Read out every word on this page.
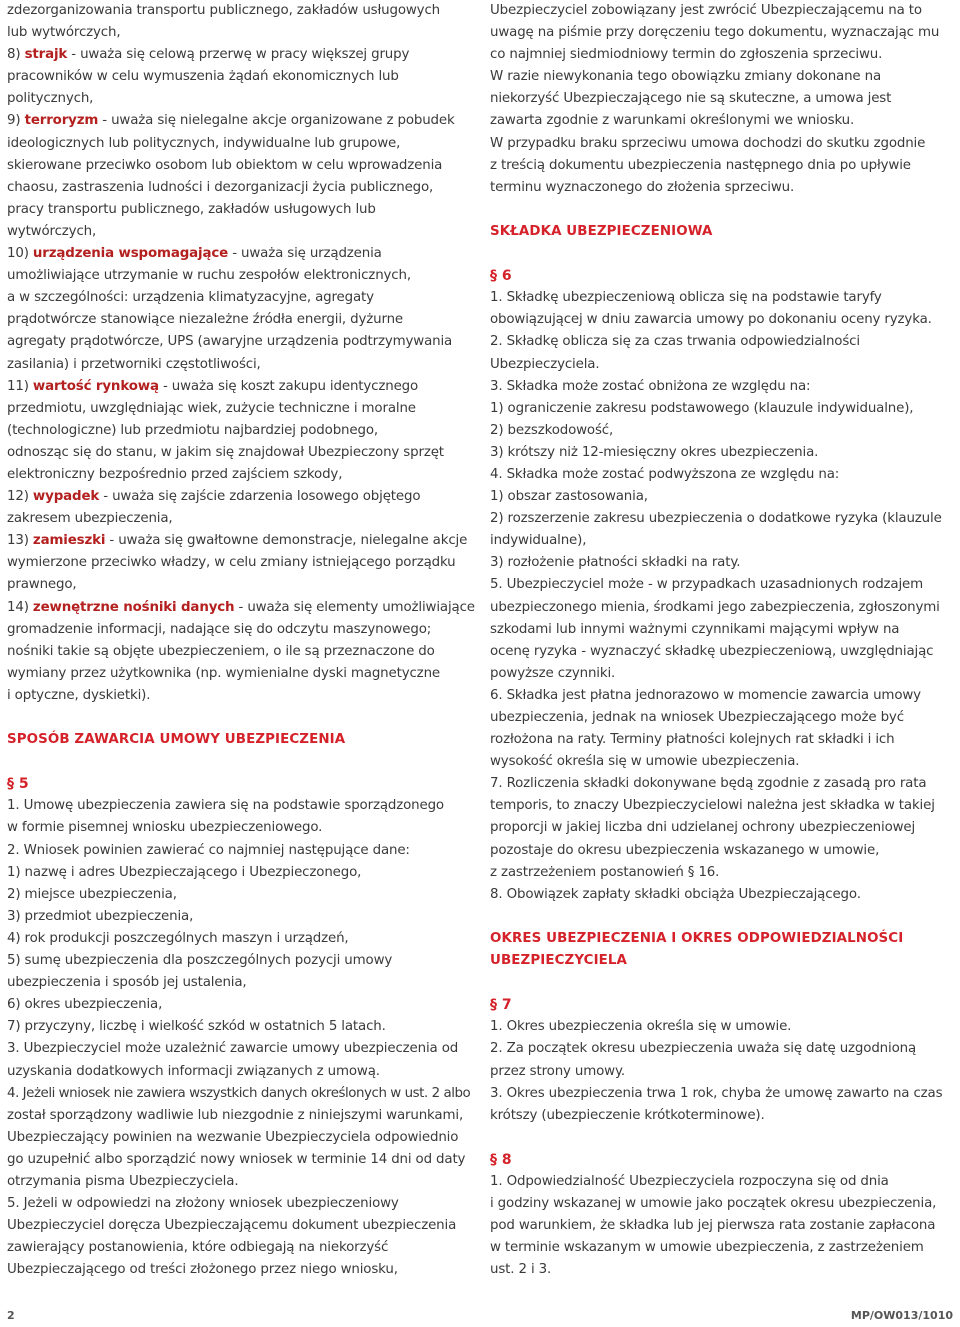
zdezorganizowania transportu publicznego, zakładów usługowych
lub wytwórczych,
8) strajk - uważa się celową przerwę w pracy większej grupy
pracowników w celu wymuszenia żądań ekonomicznych lub
politycznych,
9) terroryzm - uważa się nielegalne akcje organizowane z pobudek
ideologicznych lub politycznych, indywidualne lub grupowe,
skierowane przeciwko osobom lub obiektom w celu wprowadzenia
chaosu, zastraszenia ludności i dezorganizacji życia publicznego,
pracy transportu publicznego, zakładów usługowych lub
wytwórczych,
10) urządzenia wspomagające - uważa się urządzenia
umożliwiające utrzymanie w ruchu zespołów elektronicznych,
a w szczególności: urządzenia klimatyzacyjne, agregaty
prądotwórcze stanowiące niezależne źródła energii, dyżurne
agregaty prądotwórcze, UPS (awaryjne urządzenia podtrzymywania
zasilania) i przetworniki częstotliwości,
11) wartość rynkową - uważa się koszt zakupu identycznego
przedmiotu, uwzględniając wiek, zużycie techniczne i moralne
(technologiczne) lub przedmiotu najbardziej podobnego,
odnosząc się do stanu, w jakim się znajdował Ubezpieczony sprzęt
elektroniczny bezpośrednio przed zajściem szkody,
12) wypadek - uważa się zajście zdarzenia losowego objętego
zakresem ubezpieczenia,
13) zamieszki - uważa się gwałtowne demonstracje, nielegalne akcje
wymierzone przeciwko władzy, w celu zmiany istniejącego porządku
prawnego,
14) zewnętrzne nośniki danych - uważa się elementy umożliwiające
gromadzenie informacji, nadające się do odczytu maszynowego;
nośniki takie są objęte ubezpieczeniem, o ile są przeznaczone do
wymiany przez użytkownika (np. wymienialne dyski magnetyczne
i optyczne, dyskietki).
SPOSÓB ZAWARCIA UMOWY UBEZPIECZENIA
§ 5
1. Umowę ubezpieczenia zawiera się na podstawie sporządzonego
w formie pisemnej wniosku ubezpieczeniowego.
2. Wniosek powinien zawierać co najmniej następujące dane:
1) nazwę i adres Ubezpieczającego i Ubezpieczonego,
2) miejsce ubezpieczenia,
3) przedmiot ubezpieczenia,
4) rok produkcji poszczególnych maszyn i urządzeń,
5) sumę ubezpieczenia dla poszczególnych pozycji umowy
ubezpieczenia i sposób jej ustalenia,
6) okres ubezpieczenia,
7) przyczyny, liczbę i wielkość szkód w ostatnich 5 latach.
3. Ubezpieczyciel może uzależnić zawarcie umowy ubezpieczenia od
uzyskania dodatkowych informacji związanych z umową.
4. Jeżeli wniosek nie zawiera wszystkich danych określonych w ust. 2 albo
został sporządzony wadliwie lub niezgodnie z niniejszymi warunkami,
Ubezpieczający powinien na wezwanie Ubezpieczyciela odpowiednio
go uzupełnić albo sporządzić nowy wniosek w terminie 14 dni od daty
otrzymania pisma Ubezpieczyciela.
5. Jeżeli w odpowiedzi na złożony wniosek ubezpieczeniowy
Ubezpieczyciel doręcza Ubezpieczającemu dokument ubezpieczenia
zawierający postanowienia, które odbiegają na niekorzyść
Ubezpieczającego od treści złożonego przez niego wniosku,
Ubezpieczyciel zobowiązany jest zwrócić Ubezpieczającemu na to
uwagę na piśmie przy doręczeniu tego dokumentu, wyznaczając mu
co najmniej siedmiodniowy termin do zgłoszenia sprzeciwu.
W razie niewykonania tego obowiązku zmiany dokonane na
niekorzyść Ubezpieczającego nie są skuteczne, a umowa jest
zawarta zgodnie z warunkami określonymi we wniosku.
W przypadku braku sprzeciwu umowa dochodzi do skutku zgodnie
z treścią dokumentu ubezpieczenia następnego dnia po upływie
terminu wyznaczonego do złożenia sprzeciwu.
SKŁADKA UBEZPIECZENIOWA
§ 6
1. Składkę ubezpieczeniową oblicza się na podstawie taryfy
obowiązującej w dniu zawarcia umowy po dokonaniu oceny ryzyka.
2. Składkę oblicza się za czas trwania odpowiedzialności
Ubezpieczyciela.
3. Składka może zostać obniżona ze względu na:
1) ograniczenie zakresu podstawowego (klauzule indywidualne),
2) bezszkodowość,
3) krótszy niż 12-miesięczny okres ubezpieczenia.
4. Składka może zostać podwyższona ze względu na:
1) obszar zastosowania,
2) rozszerzenie zakresu ubezpieczenia o dodatkowe ryzyka (klauzule
indywidualne),
3) rozłożenie płatności składki na raty.
5. Ubezpieczyciel może - w przypadkach uzasadnionych rodzajem
ubezpieczonego mienia, środkami jego zabezpieczenia, zgłoszonymi
szkodami lub innymi ważnymi czynnikami mającymi wpływ na
ocenę ryzyka - wyznaczyć składkę ubezpieczeniową, uwzględniając
powyższe czynniki.
6. Składka jest płatna jednorazowo w momencie zawarcia umowy
ubezpieczenia, jednak na wniosek Ubezpieczającego może być
rozłożona na raty. Terminy płatności kolejnych rat składki i ich
wysokość określa się w umowie ubezpieczenia.
7. Rozliczenia składki dokonywane będą zgodnie z zasadą pro rata
temporis, to znaczy Ubezpieczycielowi należna jest składka w takiej
proporcji w jakiej liczba dni udzielanej ochrony ubezpieczeniowej
pozostaje do okresu ubezpieczenia wskazanego w umowie,
z zastrzeżeniem postanowień § 16.
8. Obowiązek zapłaty składki obciąża Ubezpieczającego.
OKRES UBEZPIECZENIA I OKRES ODPOWIEDZIALNOŚCI
UBEZPIECZYCIELA
§ 7
1. Okres ubezpieczenia określa się w umowie.
2. Za początek okresu ubezpieczenia uważa się datę uzgodnioną
przez strony umowy.
3. Okres ubezpieczenia trwa 1 rok, chyba że umowę zawarto na czas
krótszy (ubezpieczenie krótkoterminowe).
§ 8
1. Odpowiedzialność Ubezpieczyciela rozpoczyna się od dnia
i godziny wskazanej w umowie jako początek okresu ubezpieczenia,
pod warunkiem, że składka lub jej pierwsza rata zostanie zapłacona
w terminie wskazanym w umowie ubezpieczenia, z zastrzeżeniem
ust. 2 i 3.
2	MP/OW013/1010
